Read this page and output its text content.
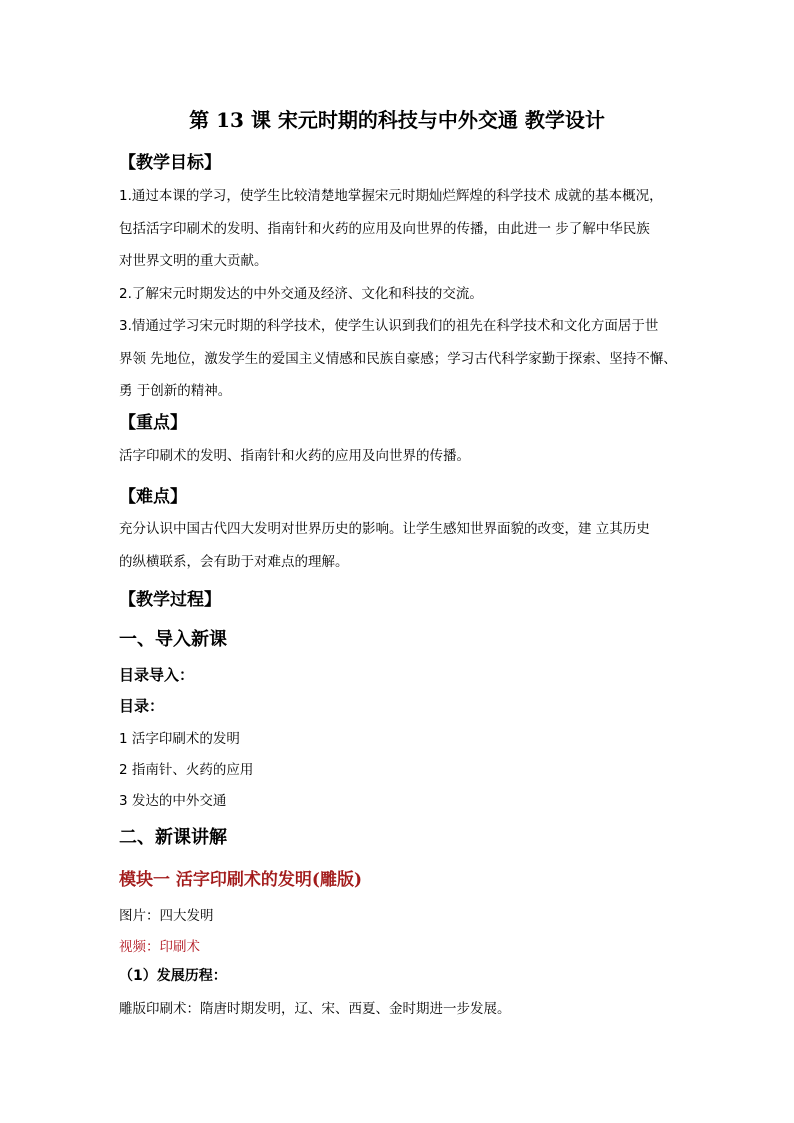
第 13 课 宋元时期的科技与中外交通 教学设计
【教学目标】
1.通过本课的学习，使学生比较清楚地掌握宋元时期灿烂辉煌的科学技术 成就的基本概况，
包括活字印刷术的发明、指南针和火药的应用及向世界的传播，由此进一 步了解中华民族
对世界文明的重大贡献。
2.了解宋元时期发达的中外交通及经济、文化和科技的交流。
3.情通过学习宋元时期的科学技术，使学生认识到我们的祖先在科学技术和文化方面居于世
界领 先地位，激发学生的爱国主义情感和民族自豪感；学习古代科学家勤于探索、坚持不懈、
勇 于创新的精神。
【重点】
活字印刷术的发明、指南针和火药的应用及向世界的传播。
【难点】
充分认识中国古代四大发明对世界历史的影响。让学生感知世界面貌的改变，建 立其历史
的纵横联系，会有助于对难点的理解。
【教学过程】
一、导入新课
目录导入：
目录：
1 活字印刷术的发明
2 指南针、火药的应用
3 发达的中外交通
二、新课讲解
模块一 活字印刷术的发明(雕版)
图片：四大发明
视频：印刷术
（1）发展历程：
雕版印刷术：隋唐时期发明，辽、宋、西夏、金时期进一步发展。
